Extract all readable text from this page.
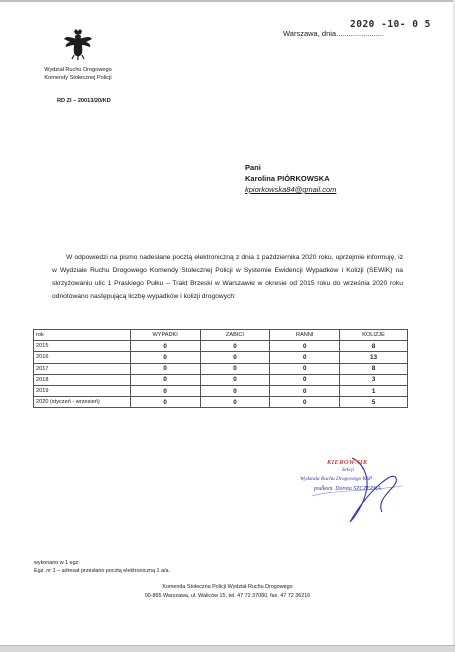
2020 -10- 0 5
Warszawa, dnia.......................
Wydział Ruchu Drogowego
Komendy Stołecznej Policji
RD ZI – 20013/20/KD
Pani
Karolina PIÓRKOWSKA
kpiorkowska84@gmail.com

W odpowiedzi na pismo nadesłane pocztą elektroniczną z dnia 1 października 2020 roku, uprzejmie informuję, iż w Wydziale Ruchu Drogowego Komendy Stołecznej Policji w Systemie Ewidencji Wypadków i Kolizji (SEWiK) na skrzyżowaniu ulic 1 Praskiego Pułku – Trakt Brzeski w Warszawie w okresie od 2015 roku do września 2020 roku odnotowano następującą liczbę wypadków i kolizji drogowych:

rok	WYPADKI	ZABICI	RANNI	KOLIZJE
2015	0	0	0	8
2016	0	0	0	13
2017	0	0	0	8
2018	0	0	0	3
2019	0	0	0	1
2020 (styczeń - wrzesień)	0	0	0	5
KIEROWNIK
Sekcji
Wydziału Ruchu Drogowego KSP
podkom. Dorota SZCZEPKA
wykonano w 1 egz.
Egz. nr 1 – adresat przesłano pocztą elektroniczną 1 a/a.
Komenda Stołeczna Policji Wydział Ruchu Drogowego
00-865 Warszawa, ul. Waliców 15, tel. 47 72 37080, fax. 47 72 36216
